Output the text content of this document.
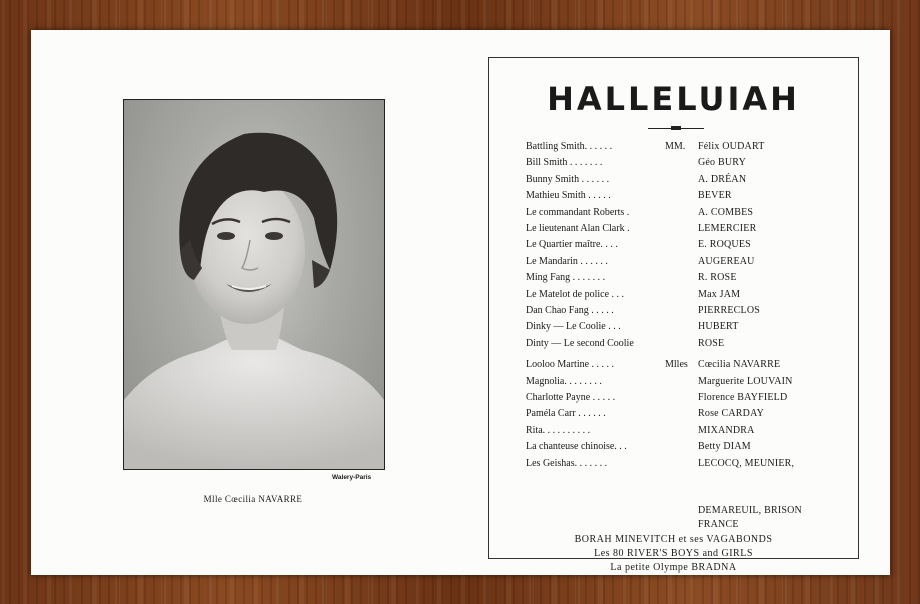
Walery-Paris
Mlle Cœcilia NAVARRE
HALLELUIAH
Battling Smith. . . . . .	MM. Félix OUDART
Bill Smith . . . . . . .	Géo BURY
Bunny Smith . . . . . .	A. DRÉAN
Mathieu Smith . . . . .	BEVER
Le commandant Roberts .	A. COMBES
Le lieutenant Alan Clark .	LEMERCIER
Le Quartier maître. . . .	E. ROQUES
Le Mandarin . . . . . .	AUGEREAU
Ming Fang . . . . . . .	R. ROSE
Le Matelot de police . . .	Max JAM
Dan Chao Fang . . . . .	PIERRECLOS
Dinky — Le Coolie . . .	HUBERT
Dinty — Le second Coolie	ROSE
Looloo Martine . . . . .	Mlles Cœcilia NAVARRE
Magnolia. . . . . . . .	Marguerite LOUVAIN
Charlotte Payne . . . . .	Florence BAYFIELD
Paméla Carr . . . . . .	Rose CARDAY
Rita. . . . . . . . . .	MIXANDRA
La chanteuse chinoise. . .	Betty DIAM
Les Geishas. . . . . . .	LECOCQ, MEUNIER,
DEMAREUIL, BRISON
FRANCE
BORAH MINEVITCH et ses VAGABONDS
Les 80 RIVER'S BOYS and GIRLS
La petite Olympe BRADNA
